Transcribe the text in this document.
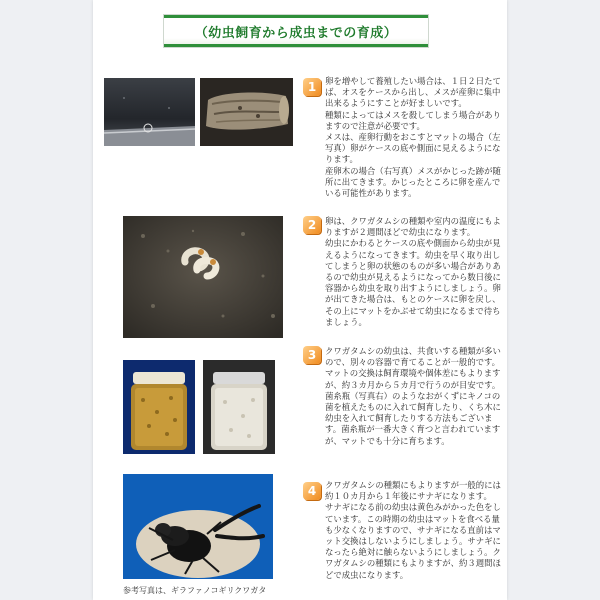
（幼虫飼育から成虫までの育成）
1	卵を増やして養殖したい場合は、１日２日たてば、オスをケースから出し、メスが産卵に集中出来るようにすことが好ましいです。
種類によってはメスを殺してしまう場合がありますので注意が必要です。
メスは、産卵行動をおこすとマットの場合（左写真）卵がケースの底や側面に見えるようになります。
産卵木の場合（右写真）メスがかじった跡が随所に出てきます。かじったところに卵を産んでいる可能性があります。

2	卵は、クワガタムシの種類や室内の温度にもよりますが２週間ほどで幼虫になります。
幼虫にかわるとケースの底や側面から幼虫が見えるようになってきます。幼虫を早く取り出してしまうと卵の状態のものが多い場合がありあるので幼虫が見えるようになってから数日後に容器から幼虫を取り出すようにしましょう。卵が出てきた場合は、もとのケースに卵を戻し、その上にマットをかぶせて幼虫になるまで待ちましょう。

3	クワガタムシの幼虫は、共食いする種類が多いので、別々の容器で育てることが一般的です。
マットの交換は飼育環境や個体差にもよりますが、約３カ月から５カ月で行うのが目安です。菌糸瓶（写真右）のようなおがくずにキノコの菌を植えたものに入れて飼育したり、くち木に幼虫を入れて飼育したりする方法もございます。菌糸瓶が一番大きく育つと言われていますが、マットでも十分に育ちます。

4	クワガタムシの種類にもよりますが一般的には約１０カ月から１年後にサナギになります。
サナギになる前の幼虫は黄色みがかった色をしています。この時期の幼虫はマットを食べる量も少なくなりますので、サナギになる直前はマット交換はしないようにしましょう。サナギになったら絶対に触らないようにしましょう。クワガタムシの種類にもよりますが、約３週間ほどで成虫になります。

参考写真は、ギラファノコギリクワガタ
